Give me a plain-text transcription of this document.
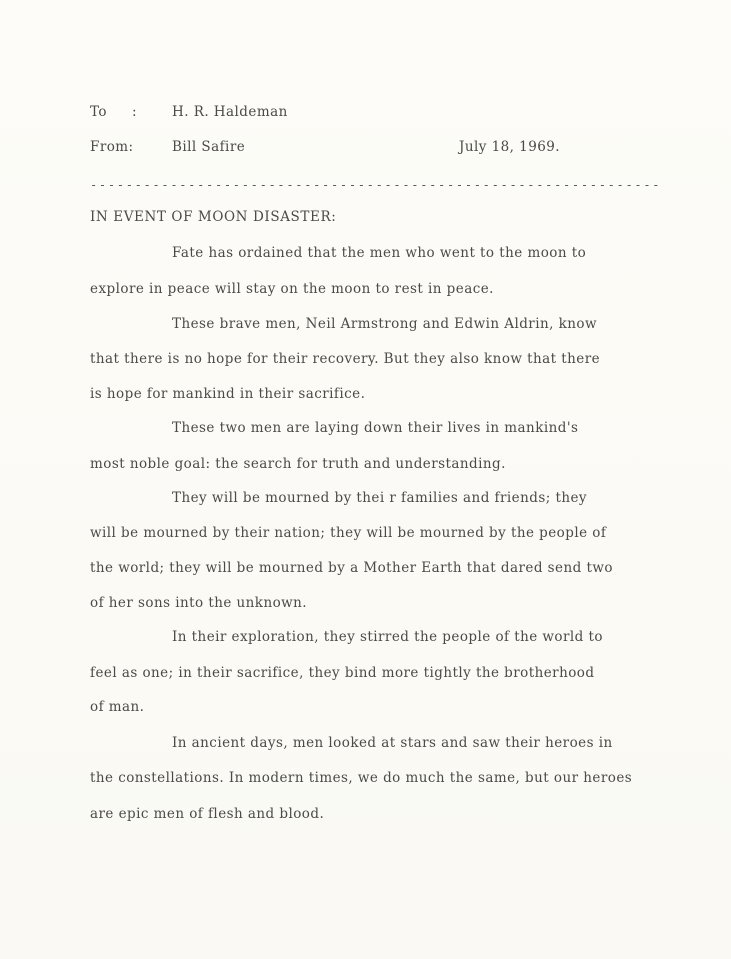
To :	H. R. Haldeman
From:	Bill Safire	July 18, 1969.
----------------------------------------------------------------
IN EVENT OF MOON DISASTER:
Fate has ordained that the men who went to the moon to
explore in peace will stay on the moon to rest in peace.
These brave men, Neil Armstrong and Edwin Aldrin, know
that there is no hope for their recovery. But they also know that there
is hope for mankind in their sacrifice.
These two men are laying down their lives in mankind's
most noble goal: the search for truth and understanding.
They will be mourned by thei r families and friends; they
will be mourned by their nation; they will be mourned by the people of
the world; they will be mourned by a Mother Earth that dared send two
of her sons into the unknown.
In their exploration, they stirred the people of the world to
feel as one; in their sacrifice, they bind more tightly the brotherhood
of man.
In ancient days, men looked at stars and saw their heroes in
the constellations. In modern times, we do much the same, but our heroes
are epic men of flesh and blood.
